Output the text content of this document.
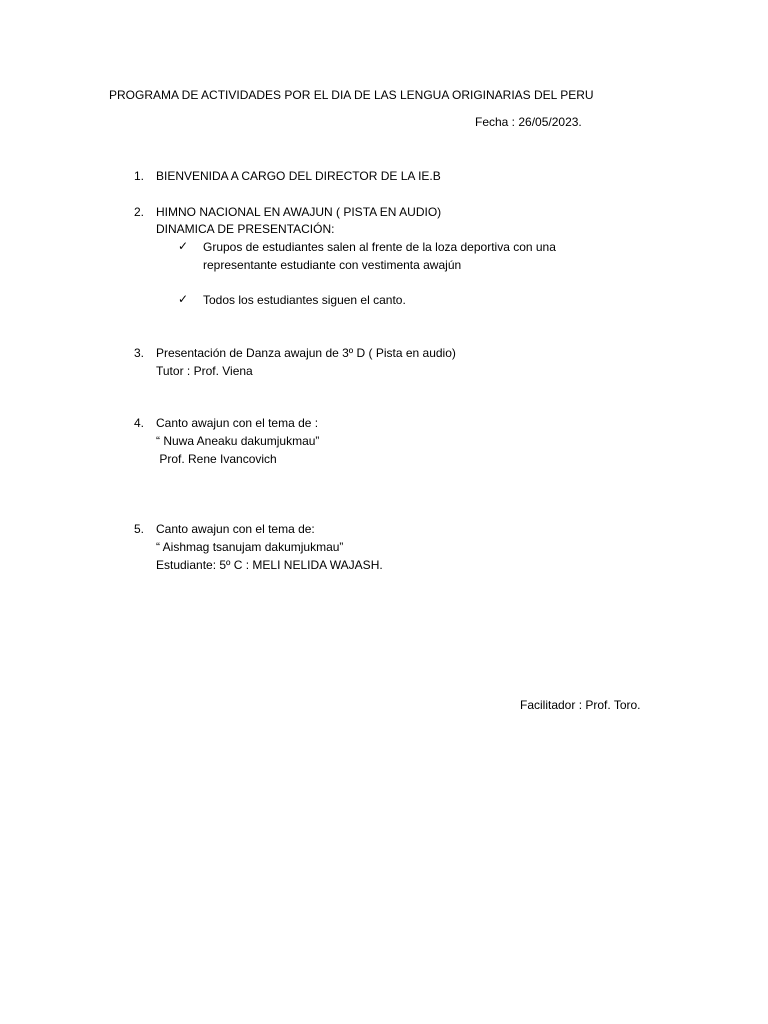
PROGRAMA DE ACTIVIDADES POR EL DIA DE LAS LENGUA ORIGINARIAS DEL PERU
Fecha : 26/05/2023.
1. BIENVENIDA A CARGO DEL DIRECTOR DE LA IE.B
2. HIMNO NACIONAL EN AWAJUN ( PISTA EN AUDIO)
DINAMICA DE PRESENTACIÓN:
✓ Grupos de estudiantes salen al frente de la loza deportiva con una
representante estudiante con vestimenta awajún
✓ Todos los estudiantes siguen el canto.
3. Presentación de Danza awajun de 3º D ( Pista en audio)
Tutor : Prof. Viena
4. Canto awajun con el tema de :
“ Nuwa Aneaku dakumjukmau”
Prof. Rene Ivancovich
5. Canto awajun con el tema de:
“ Aishmag tsanujam dakumjukmau”
Estudiante: 5º C : MELI NELIDA WAJASH.
Facilitador : Prof. Toro.
